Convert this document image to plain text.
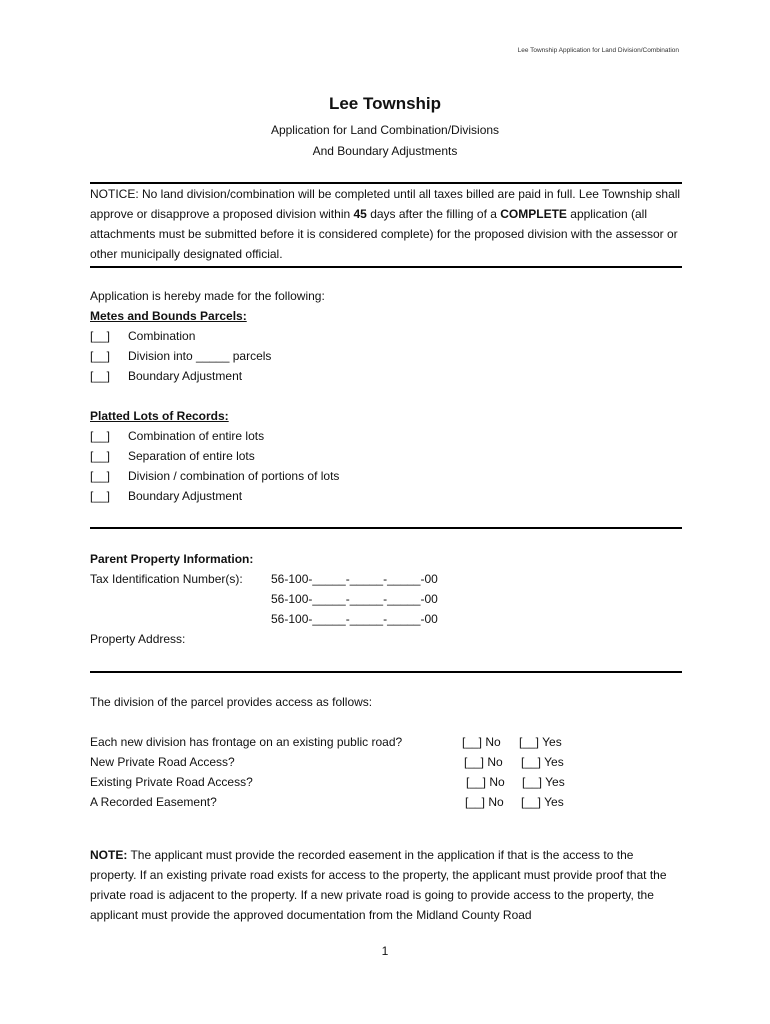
Lee Township Application for Land Division/Combination
Lee Township
Application for Land Combination/Divisions
And Boundary Adjustments
NOTICE: No land division/combination will be completed until all taxes billed are paid in full. Lee Township shall approve or disapprove a proposed division within 45 days after the filling of a COMPLETE application (all attachments must be submitted before it is considered complete) for the proposed division with the assessor or other municipally designated official.
Application is hereby made for the following:
Metes and Bounds Parcels:
[__] Combination
[__] Division into _____ parcels
[__] Boundary Adjustment
Platted Lots of Records:
[__] Combination of entire lots
[__] Separation of entire lots
[__] Division / combination of portions of lots
[__] Boundary Adjustment
Parent Property Information:
Tax Identification Number(s): 56-100-_____-_____-_____-00
56-100-_____-_____-_____-00
56-100-_____-_____-_____-00
Property Address:
The division of the parcel provides access as follows:
Each new division has frontage on an existing public road?	[__] No [__] Yes
New Private Road Access?	[__] No [__] Yes
Existing Private Road Access?	[__] No [__] Yes
A Recorded Easement?	[__] No [__] Yes
NOTE: The applicant must provide the recorded easement in the application if that is the access to the property. If an existing private road exists for access to the property, the applicant must provide proof that the private road is adjacent to the property. If a new private road is going to provide access to the property, the applicant must provide the approved documentation from the Midland County Road
1
